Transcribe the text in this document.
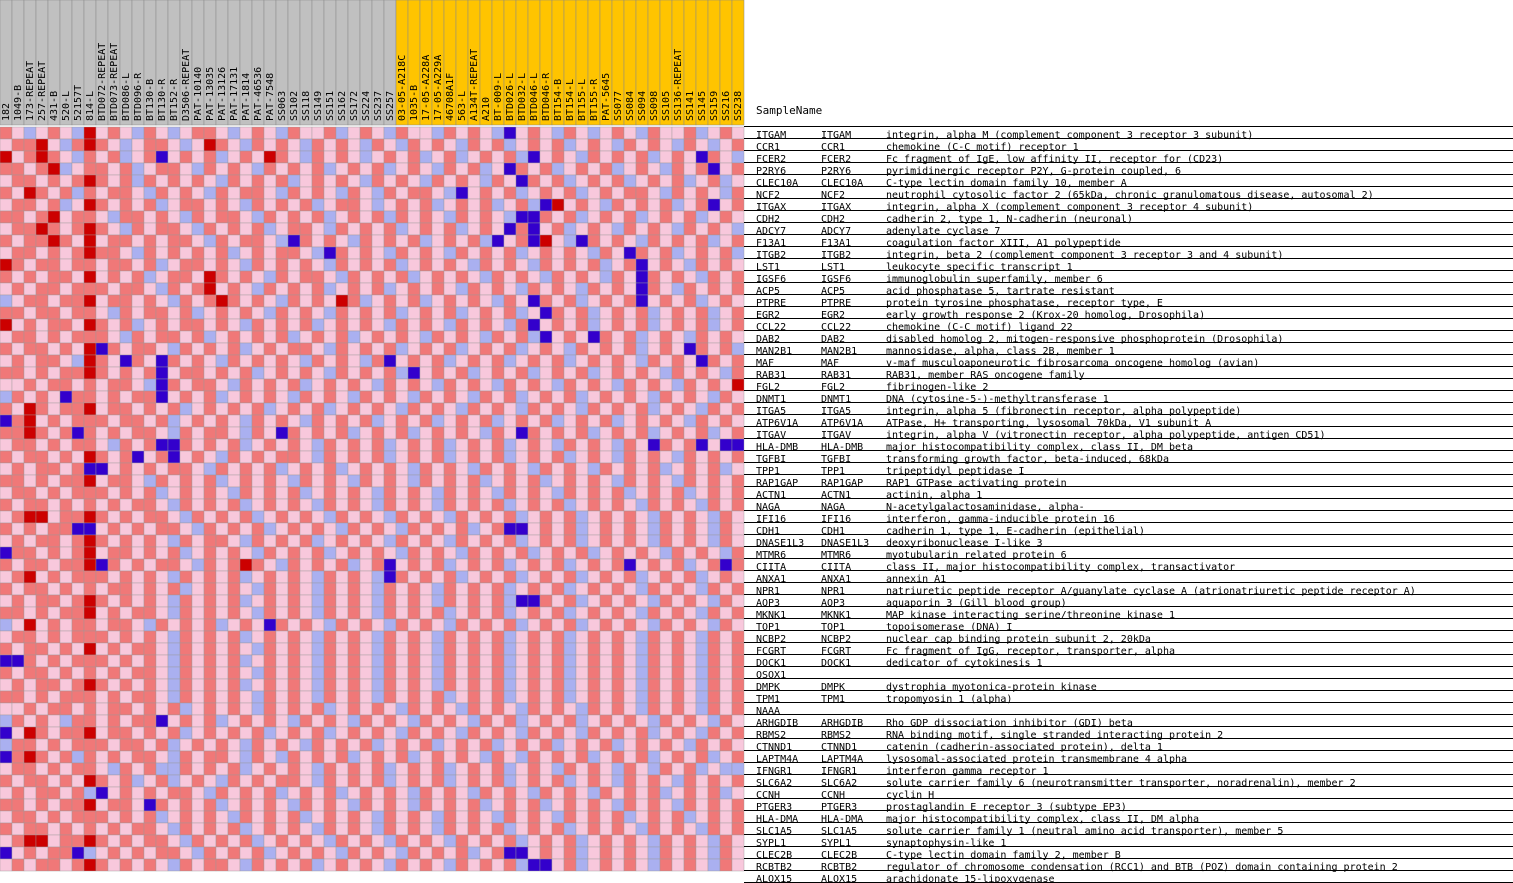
182 1049-B 173-REPEAT 257-REPEAT 431-B 520-L 52157T 814-L BTD072-REPEAT BTD073-REPEAT BTD086-L BTD096-R BT130-B BT130-R BT152-R D3506-REPEAT PAT-10140 PAT-13035 PAT-13126 PAT-17131 PAT-1814 PAT-46536 PAT-7548 SS063 SS102 SS118 SS149 SS151 SS162 SS172 SS224 SS237 SS257 03-05-A218C 1035-B 17-05-A228A 17-05-A229A 46708A1F 563-L A134T-REPEAT A210 BT-009-L BTD026-L BTD032-L BTD046-L BTD046-R BT154-B BT154-L BT155-L BT155-R PAT-5645 SS077 SS084 SS094 SS098 SS105 SS136-REPEAT SS141 SS145 SS159 SS216 SS238
ITGAM	ITGAM	integrin, alpha M (complement component 3 receptor 3 subunit)
CCR1	CCR1	chemokine (C-C motif) receptor 1
FCER2	FCER2	Fc fragment of IgE, low affinity II, receptor for (CD23)
P2RY6	P2RY6	pyrimidinergic receptor P2Y, G-protein coupled, 6
CLEC10A CLEC10A C-type lectin domain family 10, member A
NCF2	NCF2	neutrophil cytosolic factor 2 (65kDa, chronic granulomatous disease, autosomal 2)
ITGAX	ITGAX	integrin, alpha X (complement component 3 receptor 4 subunit)
CDH2	CDH2	cadherin 2, type 1, N-cadherin (neuronal)
ADCY7	ADCY7	adenylate cyclase 7
F13A1	F13A1	coagulation factor XIII, A1 polypeptide
ITGB2	ITGB2	integrin, beta 2 (complement component 3 receptor 3 and 4 subunit)
LST1	LST1	leukocyte specific transcript 1
IGSF6	IGSF6	immunoglobulin superfamily, member 6
ACP5	ACP5	acid phosphatase 5, tartrate resistant
PTPRE	PTPRE	protein tyrosine phosphatase, receptor type, E
EGR2	EGR2	early growth response 2 (Krox-20 homolog, Drosophila)
CCL22	CCL22	chemokine (C-C motif) ligand 22
DAB2	DAB2	disabled homolog 2, mitogen-responsive phosphoprotein (Drosophila)
MAN2B1	MAN2B1	mannosidase, alpha, class 2B, member 1
MAF	MAF	v-maf musculoaponeurotic fibrosarcoma oncogene homolog (avian)
RAB31	RAB31	RAB31, member RAS oncogene family
FGL2	FGL2	fibrinogen-like 2
DNMT1	DNMT1	DNA (cytosine-5-)-methyltransferase 1
ITGA5	ITGA5	integrin, alpha 5 (fibronectin receptor, alpha polypeptide)
ATP6V1A ATP6V1A ATPase, H+ transporting, lysosomal 70kDa, V1 subunit A
ITGAV	ITGAV	integrin, alpha V (vitronectin receptor, alpha polypeptide, antigen CD51)
HLA-DMB HLA-DMB major histocompatibility complex, class II, DM beta
TGFBI	TGFBI	transforming growth factor, beta-induced, 68kDa
TPP1	TPP1	tripeptidyl peptidase I
RAP1GAP RAP1GAP RAP1 GTPase activating protein
ACTN1	ACTN1	actinin, alpha 1
NAGA	NAGA	N-acetylgalactosaminidase, alpha-
IFI16	IFI16	interferon, gamma-inducible protein 16
CDH1	CDH1	cadherin 1, type 1, E-cadherin (epithelial)
DNASE1L3 DNASE1L3 deoxyribonuclease I-like 3
MTMR6	MTMR6	myotubularin related protein 6
CIITA	CIITA	class II, major histocompatibility complex, transactivator
ANXA1	ANXA1	annexin A1
NPR1	NPR1	natriuretic peptide receptor A/guanylate cyclase A (atrionatriuretic peptide receptor A)
AQP3	AQP3	aquaporin 3 (Gill blood group)
MKNK1	MKNK1	MAP kinase interacting serine/threonine kinase 1
TOP1	TOP1	topoisomerase (DNA) I
NCBP2	NCBP2	nuclear cap binding protein subunit 2, 20kDa
FCGRT	FCGRT	Fc fragment of IgG, receptor, transporter, alpha
DOCK1	DOCK1	dedicator of cytokinesis 1
QSOX1
DMPK	DMPK	dystrophia myotonica-protein kinase
TPM1	TPM1	tropomyosin 1 (alpha)
NAAA
ARHGDIB ARHGDIB Rho GDP dissociation inhibitor (GDI) beta
RBMS2	RBMS2	RNA binding motif, single stranded interacting protein 2
CTNND1	CTNND1	catenin (cadherin-associated protein), delta 1
LAPTM4A LAPTM4A lysosomal-associated protein transmembrane 4 alpha
IFNGR1	IFNGR1	interferon gamma receptor 1
SLC6A2	SLC6A2	solute carrier family 6 (neurotransmitter transporter, noradrenalin), member 2
CCNH	CCNH	cyclin H
PTGER3	PTGER3	prostaglandin E receptor 3 (subtype EP3)
HLA-DMA HLA-DMA major histocompatibility complex, class II, DM alpha
SLC1A5	SLC1A5	solute carrier family 1 (neutral amino acid transporter), member 5
SYPL1	SYPL1	synaptophysin-like 1
CLEC2B	CLEC2B	C-type lectin domain family 2, member B
RCBTB2	RCBTB2	regulator of chromosome condensation (RCC1) and BTB (POZ) domain containing protein 2
ALOX15	ALOX15	arachidonate 15-lipoxygenase
SampleName
